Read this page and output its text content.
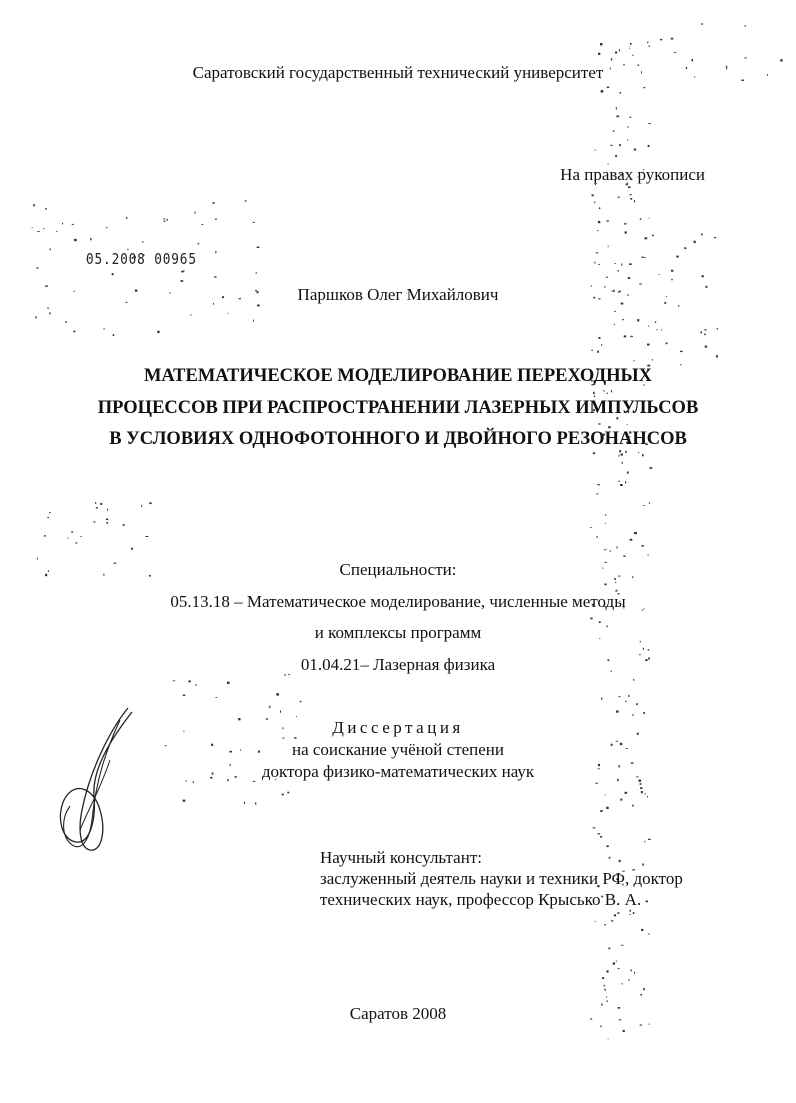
Саратовский государственный технический университет
На правах рукописи
05.2008 00965
Паршков Олег Михайлович
МАТЕМАТИЧЕСКОЕ МОДЕЛИРОВАНИЕ ПЕРЕХОДНЫХ
ПРОЦЕССОВ ПРИ РАСПРОСТРАНЕНИИ ЛАЗЕРНЫХ ИМПУЛЬСОВ
В УСЛОВИЯХ ОДНОФОТОННОГО И ДВОЙНОГО РЕЗОНАНСОВ
Специальности:
05.13.18 – Математическое моделирование, численные методы
и комплексы программ
01.04.21– Лазерная физика
Диссертация
на соискание учёной степени
доктора физико-математических наук
Научный консультант:
заслуженный деятель науки и техники РФ, доктор
технических наук, профессор Крысько В. А.
Саратов 2008
